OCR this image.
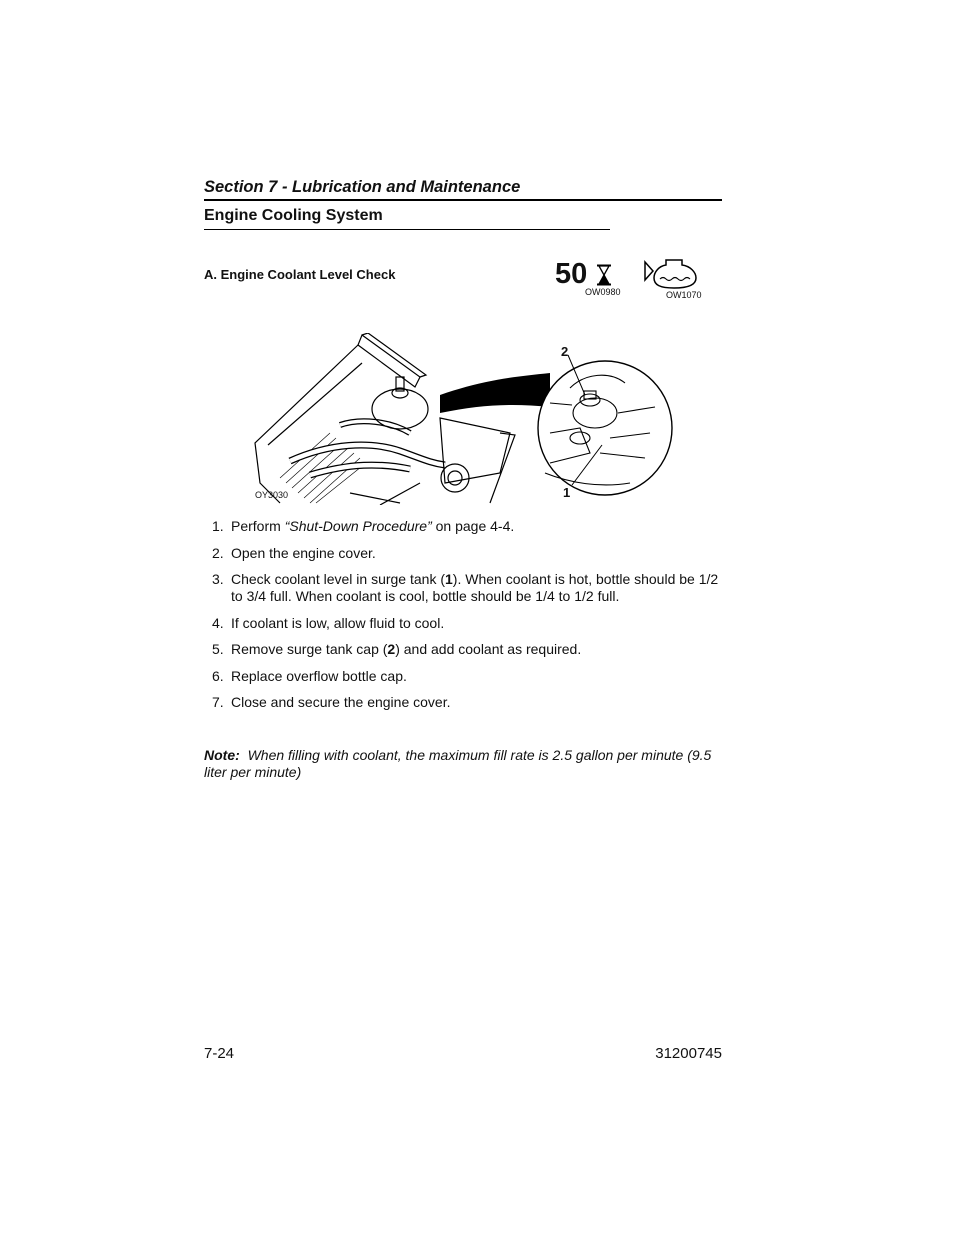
Section 7 - Lubrication and Maintenance
Engine Cooling System
A. Engine Coolant Level Check	50
OW0980	OW1070
2
1
OY3030
1. Perform “Shut-Down Procedure” on page 4-4.
2. Open the engine cover.
3. Check coolant level in surge tank (1). When coolant is hot, bottle should be 1/2 to 3/4 full. When coolant is cool, bottle should be 1/4 to 1/2 full.
4. If coolant is low, allow fluid to cool.
5. Remove surge tank cap (2) and add coolant as required.
6. Replace overflow bottle cap.
7. Close and secure the engine cover.
Note: When filling with coolant, the maximum fill rate is 2.5 gallon per minute (9.5 liter per minute)
7-24	31200745
